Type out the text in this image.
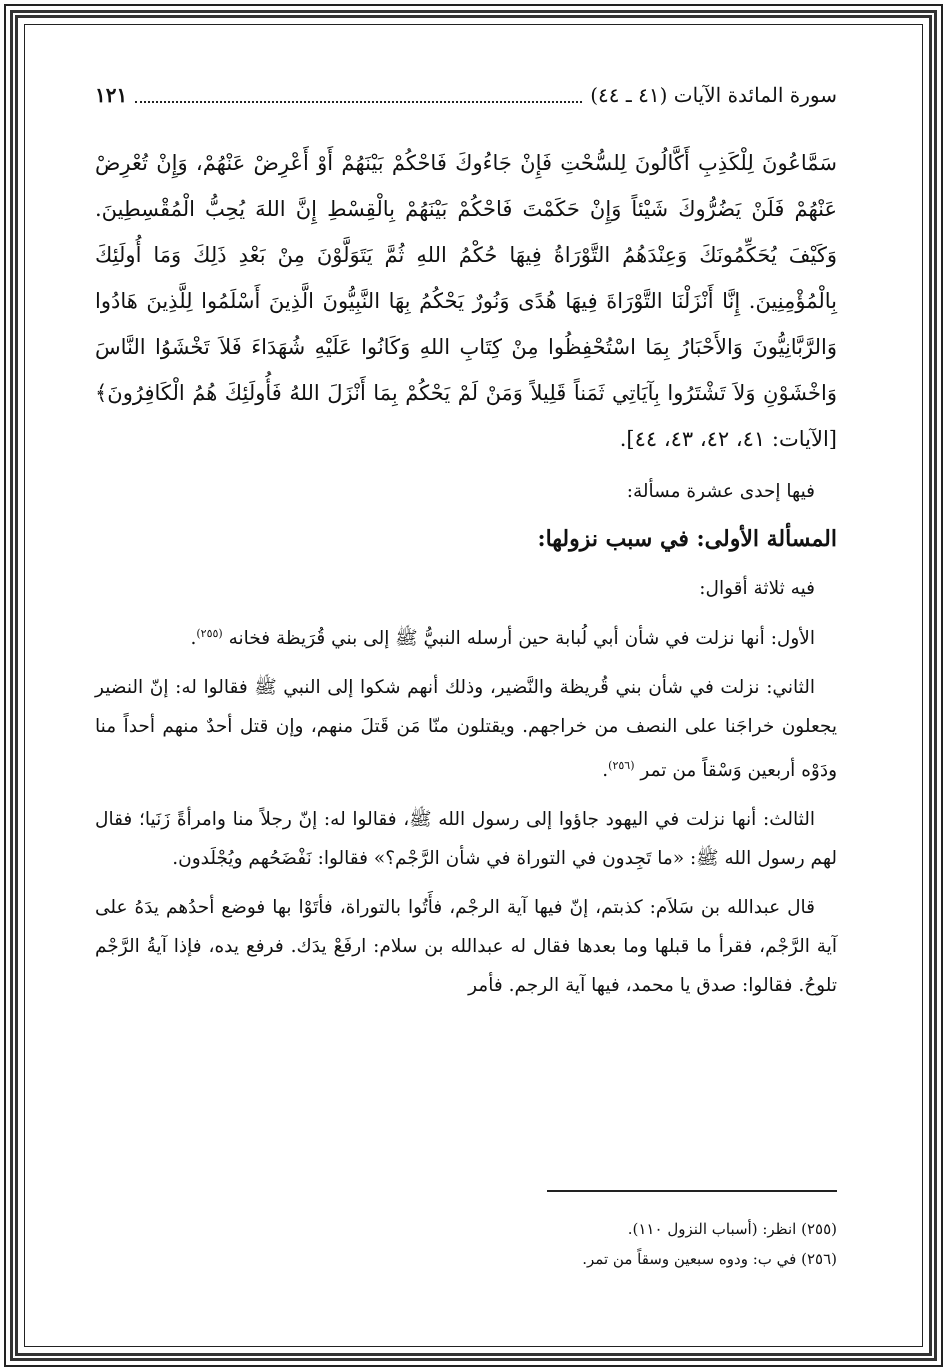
سورة المائدة الآيات (٤١ ـ ٤٤)
١٢١

سَمَّاعُونَ لِلْكَذِبِ أَكَّالُونَ لِلسُّحْتِ فَإِنْ جَاءُوكَ فَاحْكُمْ بَيْنَهُمْ أَوْ أَعْرِضْ عَنْهُمْ، وَإِنْ تُعْرِضْ عَنْهُمْ فَلَنْ يَضُرُّوكَ شَيْئاً وَإِنْ حَكَمْتَ فَاحْكُمْ بَيْنَهُمْ بِالْقِسْطِ إِنَّ اللهَ يُحِبُّ الْمُقْسِطِينَ. وَكَيْفَ يُحَكِّمُونَكَ وَعِنْدَهُمُ التَّوْرَاةُ فِيهَا حُكْمُ اللهِ ثُمَّ يَتَوَلَّوْنَ مِنْ بَعْدِ ذَلِكَ وَمَا أُولَئِكَ بِالْمُؤْمِنِينَ. إِنَّا أَنْزَلْنَا التَّوْرَاةَ فِيهَا هُدًى وَنُورٌ يَحْكُمُ بِهَا النَّبِيُّونَ الَّذِينَ أَسْلَمُوا لِلَّذِينَ هَادُوا وَالرَّبَّانِيُّونَ وَالأَحْبَارُ بِمَا اسْتُحْفِظُوا مِنْ كِتَابِ اللهِ وَكَانُوا عَلَيْهِ شُهَدَاءَ فَلاَ تَخْشَوُا النَّاسَ وَاخْشَوْنِ وَلاَ تَشْتَرُوا بِآيَاتِي ثَمَناً قَلِيلاً وَمَنْ لَمْ يَحْكُمْ بِمَا أَنْزَلَ اللهُ فَأُولَئِكَ هُمُ الْكَافِرُونَ﴾ [الآيات: ٤١، ٤٢، ٤٣، ٤٤].

فيها إحدى عشرة مسألة:

المسألة الأولى: في سبب نزولها:

فيه ثلاثة أقوال:

الأول: أنها نزلت في شأن أبي لُبابة حين أرسله النبيُّ ﷺ إلى بني قُرَيظة فخانه $^{(٢٥٥)}$.

الثاني: نزلت في شأن بني قُريظة والنَّضير، وذلك أنهم شكوا إلى النبي ﷺ فقالوا له: إنّ النضير يجعلون خراجَنا على النصف من خراجهم. ويقتلون منّا مَن قَتلَ منهم، وإن قتل أحدٌ منهم أحداً منا ودَوْه أربعين وَسْقاً من تمر $^{(٢٥٦)}$.

الثالث: أنها نزلت في اليهود جاؤوا إلى رسول الله ﷺ، فقالوا له: إنّ رجلاً منا وامرأةً زَنَيا؛ فقال لهم رسول الله ﷺ: «ما تَجِدون في التوراة في شأن الرَّجْم؟» فقالوا: نَفْضَحُهم ويُجْلَدون.

قال عبدالله بن سَلاَم: كذبتم، إنّ فيها آية الرجْم، فأَتُوا بالتوراة، فأتَوْا بها فوضع أحدُهم يدَهُ على آية الرَّجْم، فقرأ ما قبلها وما بعدها فقال له عبدالله بن سلام: ارفَعْ يدَك. فرفع يده، فإذا آيةُ الرَّجْم تلوحُ. فقالوا: صدق يا محمد، فيها آية الرجم. فأمر

(٢٥٥) انظر: (أسباب النزول ١١٠).
(٢٥٦) في ب: ودوه سبعين وسقاً من تمر.
